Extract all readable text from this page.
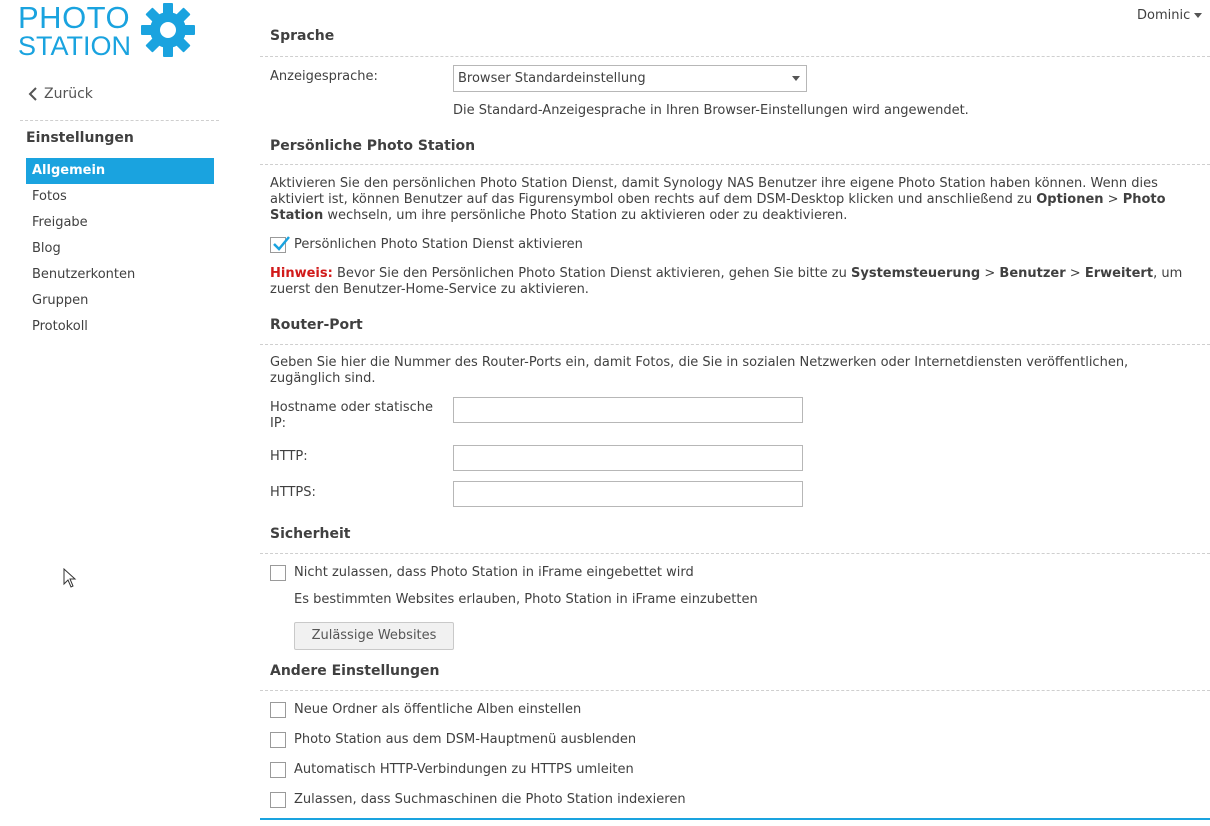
PHOTO
STATION
Zurück
Einstellungen
Allgemein
Fotos
Freigabe
Blog
Benutzerkonten
Gruppen
Protokoll
Dominic
Sprache
Anzeigesprache:	Browser Standardeinstellung
Die Standard-Anzeigesprache in Ihren Browser-Einstellungen wird angewendet.
Persönliche Photo Station
Aktivieren Sie den persönlichen Photo Station Dienst, damit Synology NAS Benutzer ihre eigene Photo Station haben können. Wenn dies aktiviert ist, können Benutzer auf das Figurensymbol oben rechts auf dem DSM-Desktop klicken und anschließend zu Optionen > Photo Station wechseln, um ihre persönliche Photo Station zu aktivieren oder zu deaktivieren.
Persönlichen Photo Station Dienst aktivieren
Hinweis: Bevor Sie den Persönlichen Photo Station Dienst aktivieren, gehen Sie bitte zu Systemsteuerung > Benutzer > Erweitert, um zuerst den Benutzer-Home-Service zu aktivieren.
Router-Port
Geben Sie hier die Nummer des Router-Ports ein, damit Fotos, die Sie in sozialen Netzwerken oder Internetdiensten veröffentlichen, zugänglich sind.
Hostname oder statische IP:
HTTP:
HTTPS:
Sicherheit
Nicht zulassen, dass Photo Station in iFrame eingebettet wird
Es bestimmten Websites erlauben, Photo Station in iFrame einzubetten
Zulässige Websites
Andere Einstellungen
Neue Ordner als öffentliche Alben einstellen
Photo Station aus dem DSM-Hauptmenü ausblenden
Automatisch HTTP-Verbindungen zu HTTPS umleiten
Zulassen, dass Suchmaschinen die Photo Station indexieren
